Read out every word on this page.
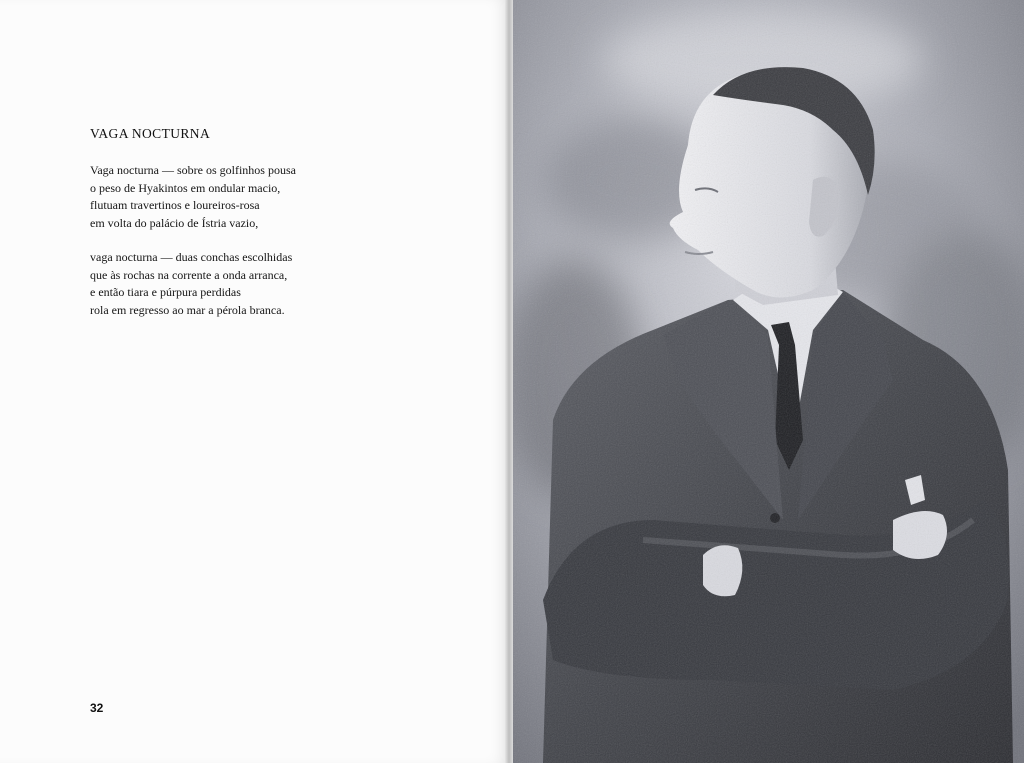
VAGA NOCTURNA

Vaga nocturna — sobre os golfinhos pousa
o peso de Hyakintos em ondular macio,
flutuam travertinos e loureiros-rosa
em volta do palácio de Ístria vazio,

vaga nocturna — duas conchas escolhidas
que às rochas na corrente a onda arranca,
e então tiara e púrpura perdidas
rola em regresso ao mar a pérola branca.

32
